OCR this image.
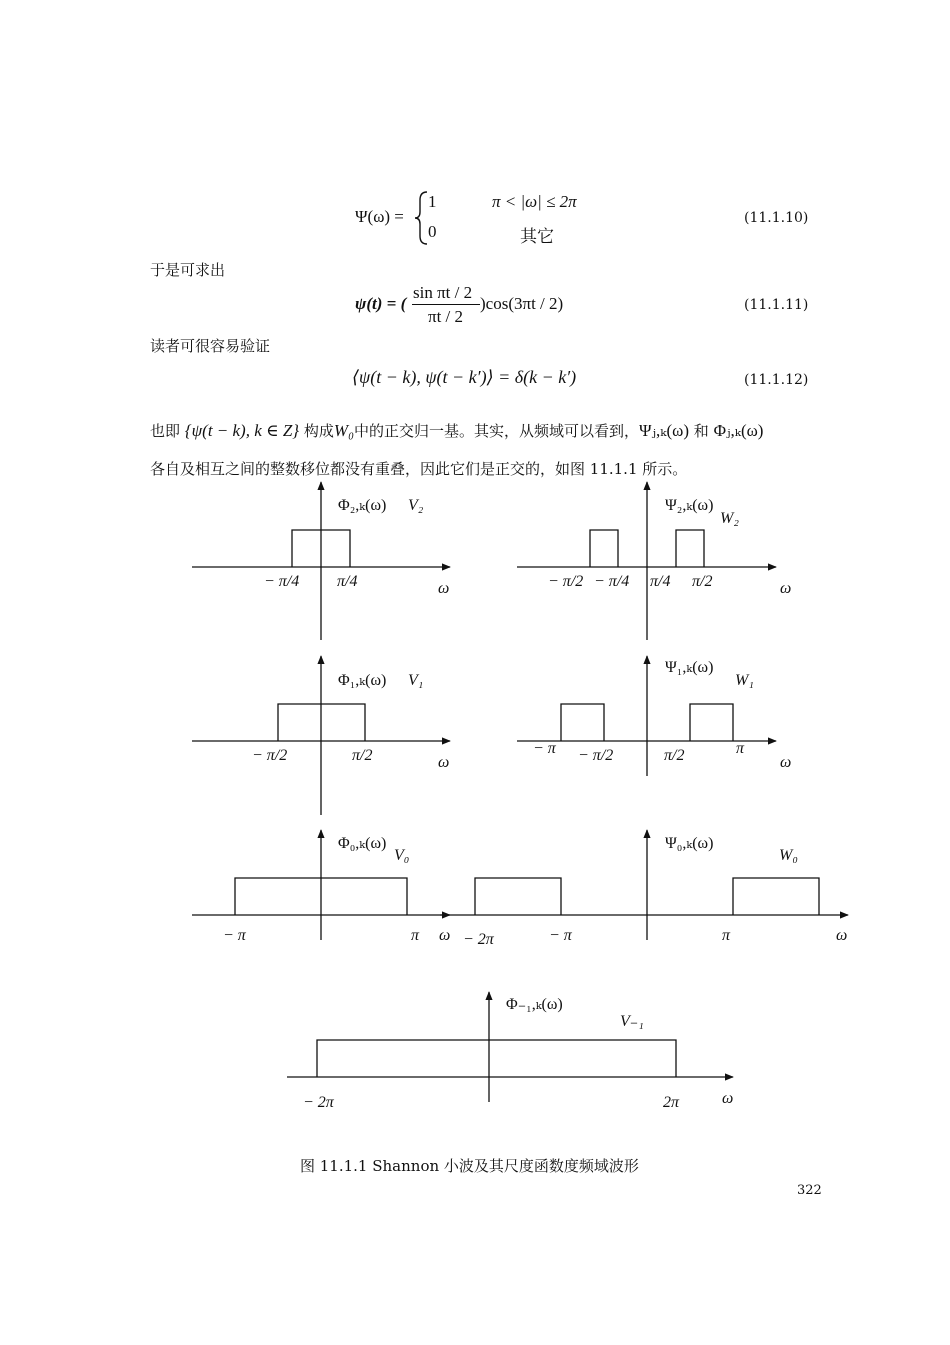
Ψ(ω) =
1	π < |ω| ≤ 2π
0	其它
(11.1.10)
于是可求出
ψ(t) = (
sin πt / 2
πt / 2
)cos(3πt / 2)	(11.1.11)
读者可很容易验证
⟨ψ(t − k), ψ(t − k′)⟩ = δ(k − k′)	(11.1.12)
也即 {ψ(t − k), k ∈ Z} 构成W₀中的正交归一基。其实，从频域可以看到，Ψⱼ,ₖ(ω) 和 Φⱼ,ₖ(ω)
各自及相互之间的整数移位都没有重叠，因此它们是正交的，如图 11.1.1 所示。
Φ₂,ₖ(ω) V₂
− π/4 π/4	ω
Ψ₂,ₖ(ω)
W₂
− π/2 − π/4 π/4 π/2	ω
Φ₁,ₖ(ω) V₁
− π/2	π/2	ω
Ψ₁,ₖ(ω)
W₁
− π − π/2	π/2	π
ω
Φ₀,ₖ(ω)
V₀
− π	π ω
Ψ₀,ₖ(ω)
W₀
− 2π	− π	π	ω
Φ₋₁,ₖ(ω)
V₋₁
− 2π	2π	ω
图 11.1.1 Shannon 小波及其尺度函数度频域波形
322
